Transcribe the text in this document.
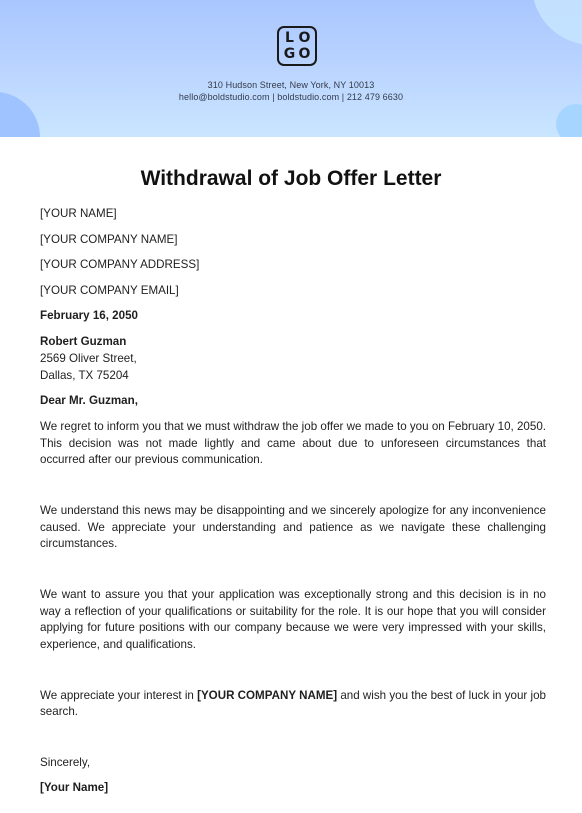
L O
G O
310 Hudson Street, New York, NY 10013
hello@boldstudio.com | boldstudio.com | 212 479 6630
Withdrawal of Job Offer Letter
[YOUR NAME]
[YOUR COMPANY NAME]
[YOUR COMPANY ADDRESS]
[YOUR COMPANY EMAIL]
February 16, 2050
Robert Guzman
2569 Oliver Street,
Dallas, TX 75204
Dear Mr. Guzman,

We regret to inform you that we must withdraw the job offer we made to you on February 10, 2050. This decision was not made lightly and came about due to unforeseen circumstances that occurred after our previous communication.

We understand this news may be disappointing and we sincerely apologize for any inconvenience caused. We appreciate your understanding and patience as we navigate these challenging circumstances.

We want to assure you that your application was exceptionally strong and this decision is in no way a reflection of your qualifications or suitability for the role. It is our hope that you will consider applying for future positions with our company because we were very impressed with your skills, experience, and qualifications.

We appreciate your interest in [YOUR COMPANY NAME] and wish you the best of luck in your job search.

Sincerely,
[Your Name]
